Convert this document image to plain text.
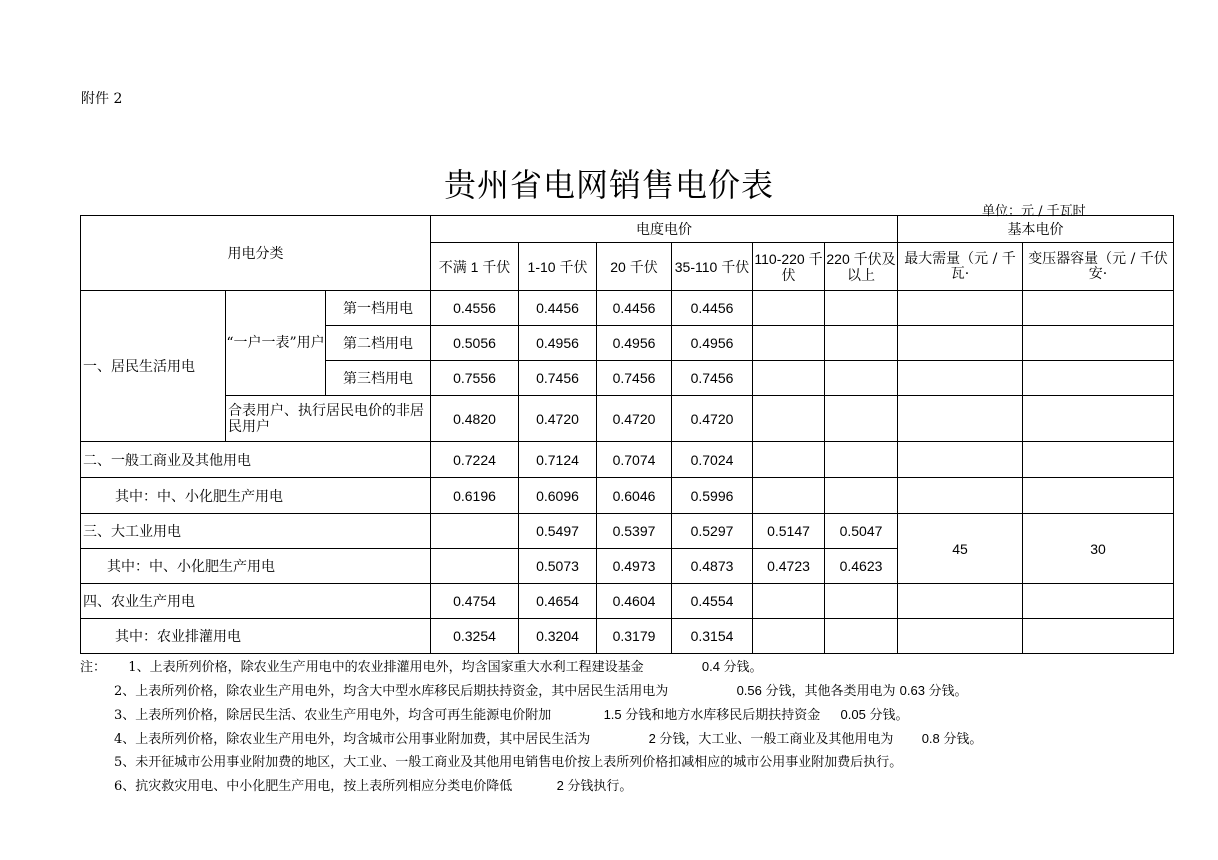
附件 2
贵州省电网销售电价表
单位：元 / 千瓦时
用电分类			电度电价						基本电价	
			不满 1 千伏	1-10 千伏	20 千伏	35-110 千伏	110-220 千伏	220 千伏及以上	最大需量（元 / 千瓦·	变压器容量（元 / 千伏安·
一、居民生活用电	“一户一表”用户	第一档用电	0.4556	0.4456	0.4456	0.4456				
		第二档用电	0.5056	0.4956	0.4956	0.4956				
		第三档用电	0.7556	0.7456	0.7456	0.7456				
	合表用户、执行居民电价的非居民用户		0.4820	0.4720	0.4720	0.4720				
二、一般工商业及其他用电			0.7224	0.7124	0.7074	0.7024				
其中：中、小化肥生产用电			0.6196	0.6096	0.6046	0.5996				
三、大工业用电				0.5497	0.5397	0.5297	0.5147	0.5047	45	30
其中：中、小化肥生产用电				0.5073	0.4973	0.4873	0.4723	0.4623		
四、农业生产用电			0.4754	0.4654	0.4604	0.4554				
其中：农业排灌用电			0.3254	0.3204	0.3179	0.3154				
注： 1、上表所列价格，除农业生产用电中的农业排灌用电外，均含国家重大水利工程建设基金	0.4 分钱。
2、上表所列价格，除农业生产用电外，均含大中型水库移民后期扶持资金，其中居民生活用电为	0.56 分钱，其他各类用电为 0.63 分钱。
3、上表所列价格，除居民生活、农业生产用电外，均含可再生能源电价附加	1.5 分钱和地方水库移民后期扶持资金 0.05 分钱。
4、上表所列价格，除农业生产用电外，均含城市公用事业附加费，其中居民生活为	2 分钱，大工业、一般工商业及其他用电为 0.8 分钱。
5、未开征城市公用事业附加费的地区，大工业、一般工商业及其他用电销售电价按上表所列价格扣减相应的城市公用事业附加费后执行。
6、抗灾救灾用电、中小化肥生产用电，按上表所列相应分类电价降低	2 分钱执行。
